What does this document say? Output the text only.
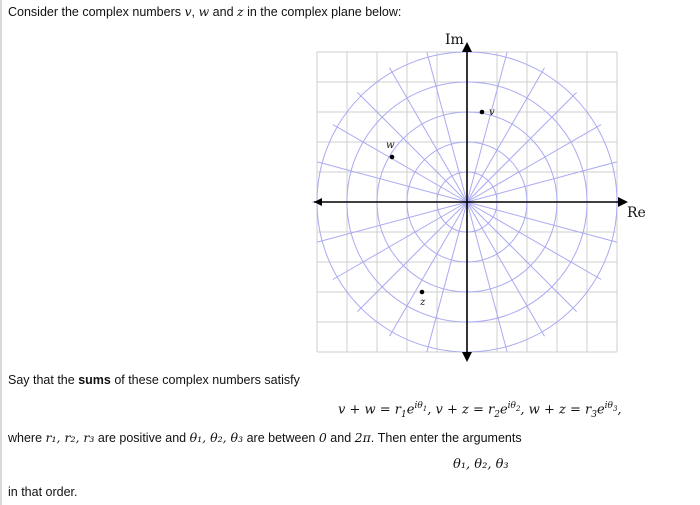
Consider the complex numbers v, w and z in the complex plane below:
Im
Re
v
w
z
Say that the sums of these complex numbers satisfy
$v + w = r_1e^{i\theta_1}$, $v + z = r_2e^{i\theta_2}$, $w + z = r_3e^{i\theta_3}$,
where r₁, r₂, r₃ are positive and θ₁, θ₂, θ₃ are between 0 and 2π. Then enter the arguments
θ₁, θ₂, θ₃
in that order.
